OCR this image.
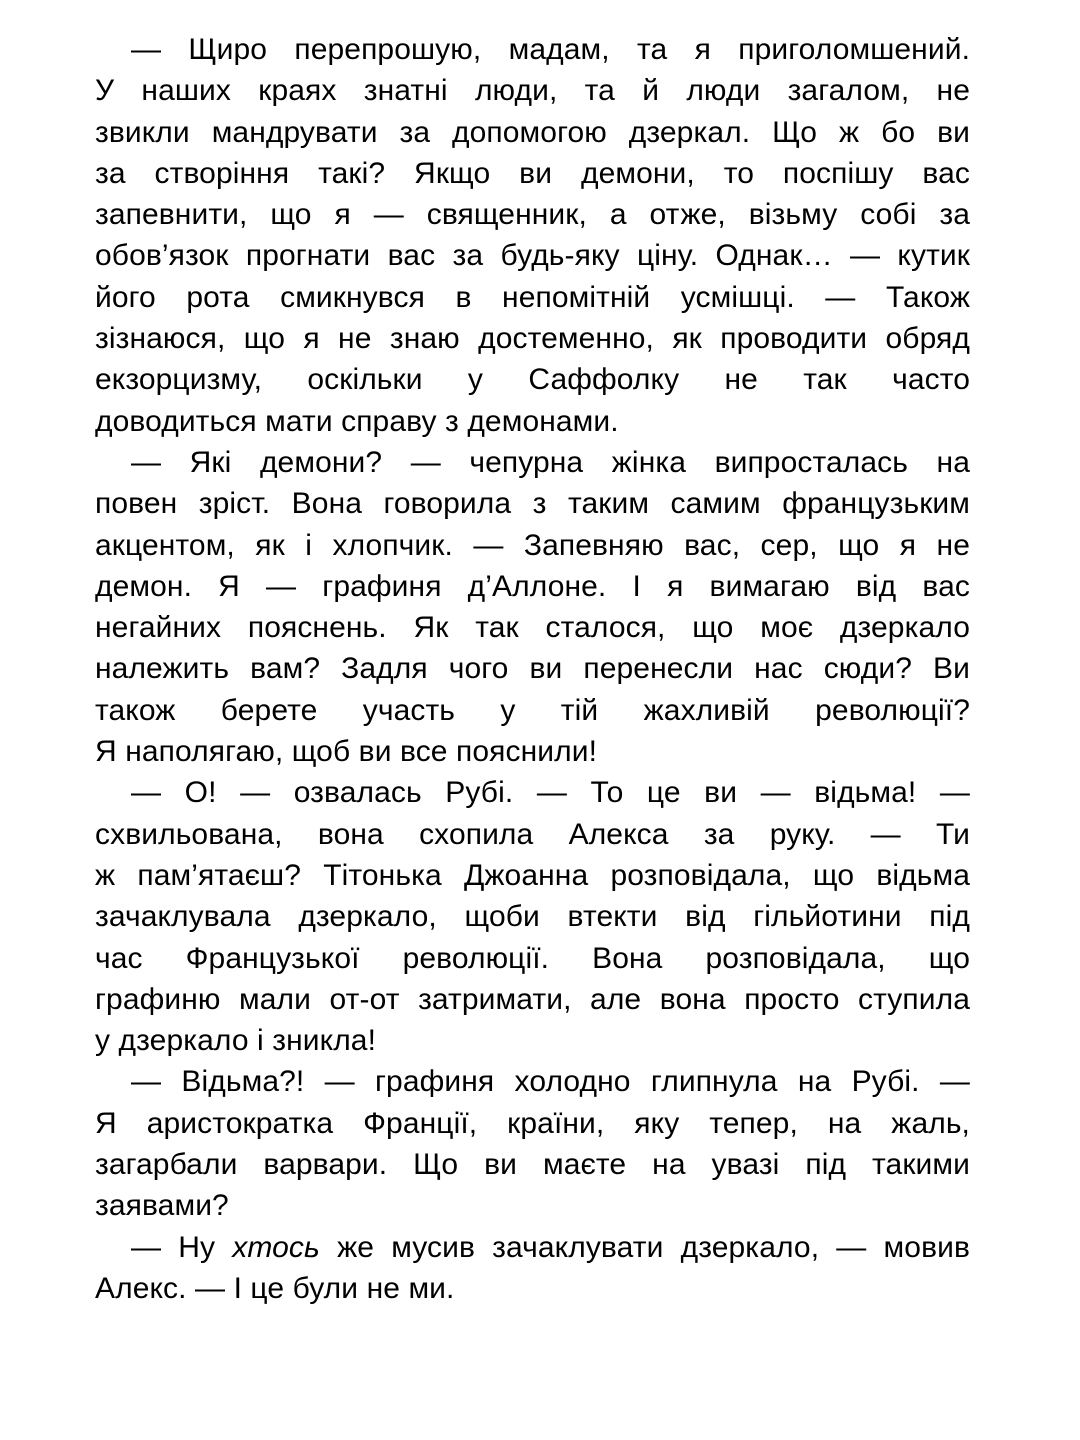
— Щиро перепрошую, мадам, та я приголомшений.
У наших краях знатні люди, та й люди загалом, не
звикли мандрувати за допомогою дзеркал. Що ж бо ви
за створіння такі? Якщо ви демони, то поспішу вас
запевнити, що я — священник, а отже, візьму собі за
обов’язок прогнати вас за будь-яку ціну. Однак… — кутик
його рота смикнувся в непомітній усмішці. — Також
зізнаюся, що я не знаю достеменно, як проводити обряд
екзорцизму, оскільки у Саффолку не так часто
доводиться мати справу з демонами.
— Які демони? — чепурна жінка випросталась на
повен зріст. Вона говорила з таким самим французьким
акцентом, як і хлопчик. — Запевняю вас, сер, що я не
демон. Я — графиня д’Аллоне. І я вимагаю від вас
негайних пояснень. Як так сталося, що моє дзеркало
належить вам? Задля чого ви перенесли нас сюди? Ви
також берете участь у тій жахливій революції?
Я наполягаю, щоб ви все пояснили!
— О! — озвалась Рубі. — То це ви — відьма! —
схвильована, вона схопила Алекса за руку. — Ти
ж пам’ятаєш? Тітонька Джоанна розповідала, що відьма
зачаклувала дзеркало, щоби втекти від гільйотини під
час Французької революції. Вона розповідала, що
графиню мали от-от затримати, але вона просто ступила
у дзеркало і зникла!
— Відьма?! — графиня холодно глипнула на Рубі. —
Я аристократка Франції, країни, яку тепер, на жаль,
загарбали варвари. Що ви маєте на увазі під такими
заявами?
— Ну хтось же мусив зачаклувати дзеркало, — мовив
Алекс. — І це були не ми.
